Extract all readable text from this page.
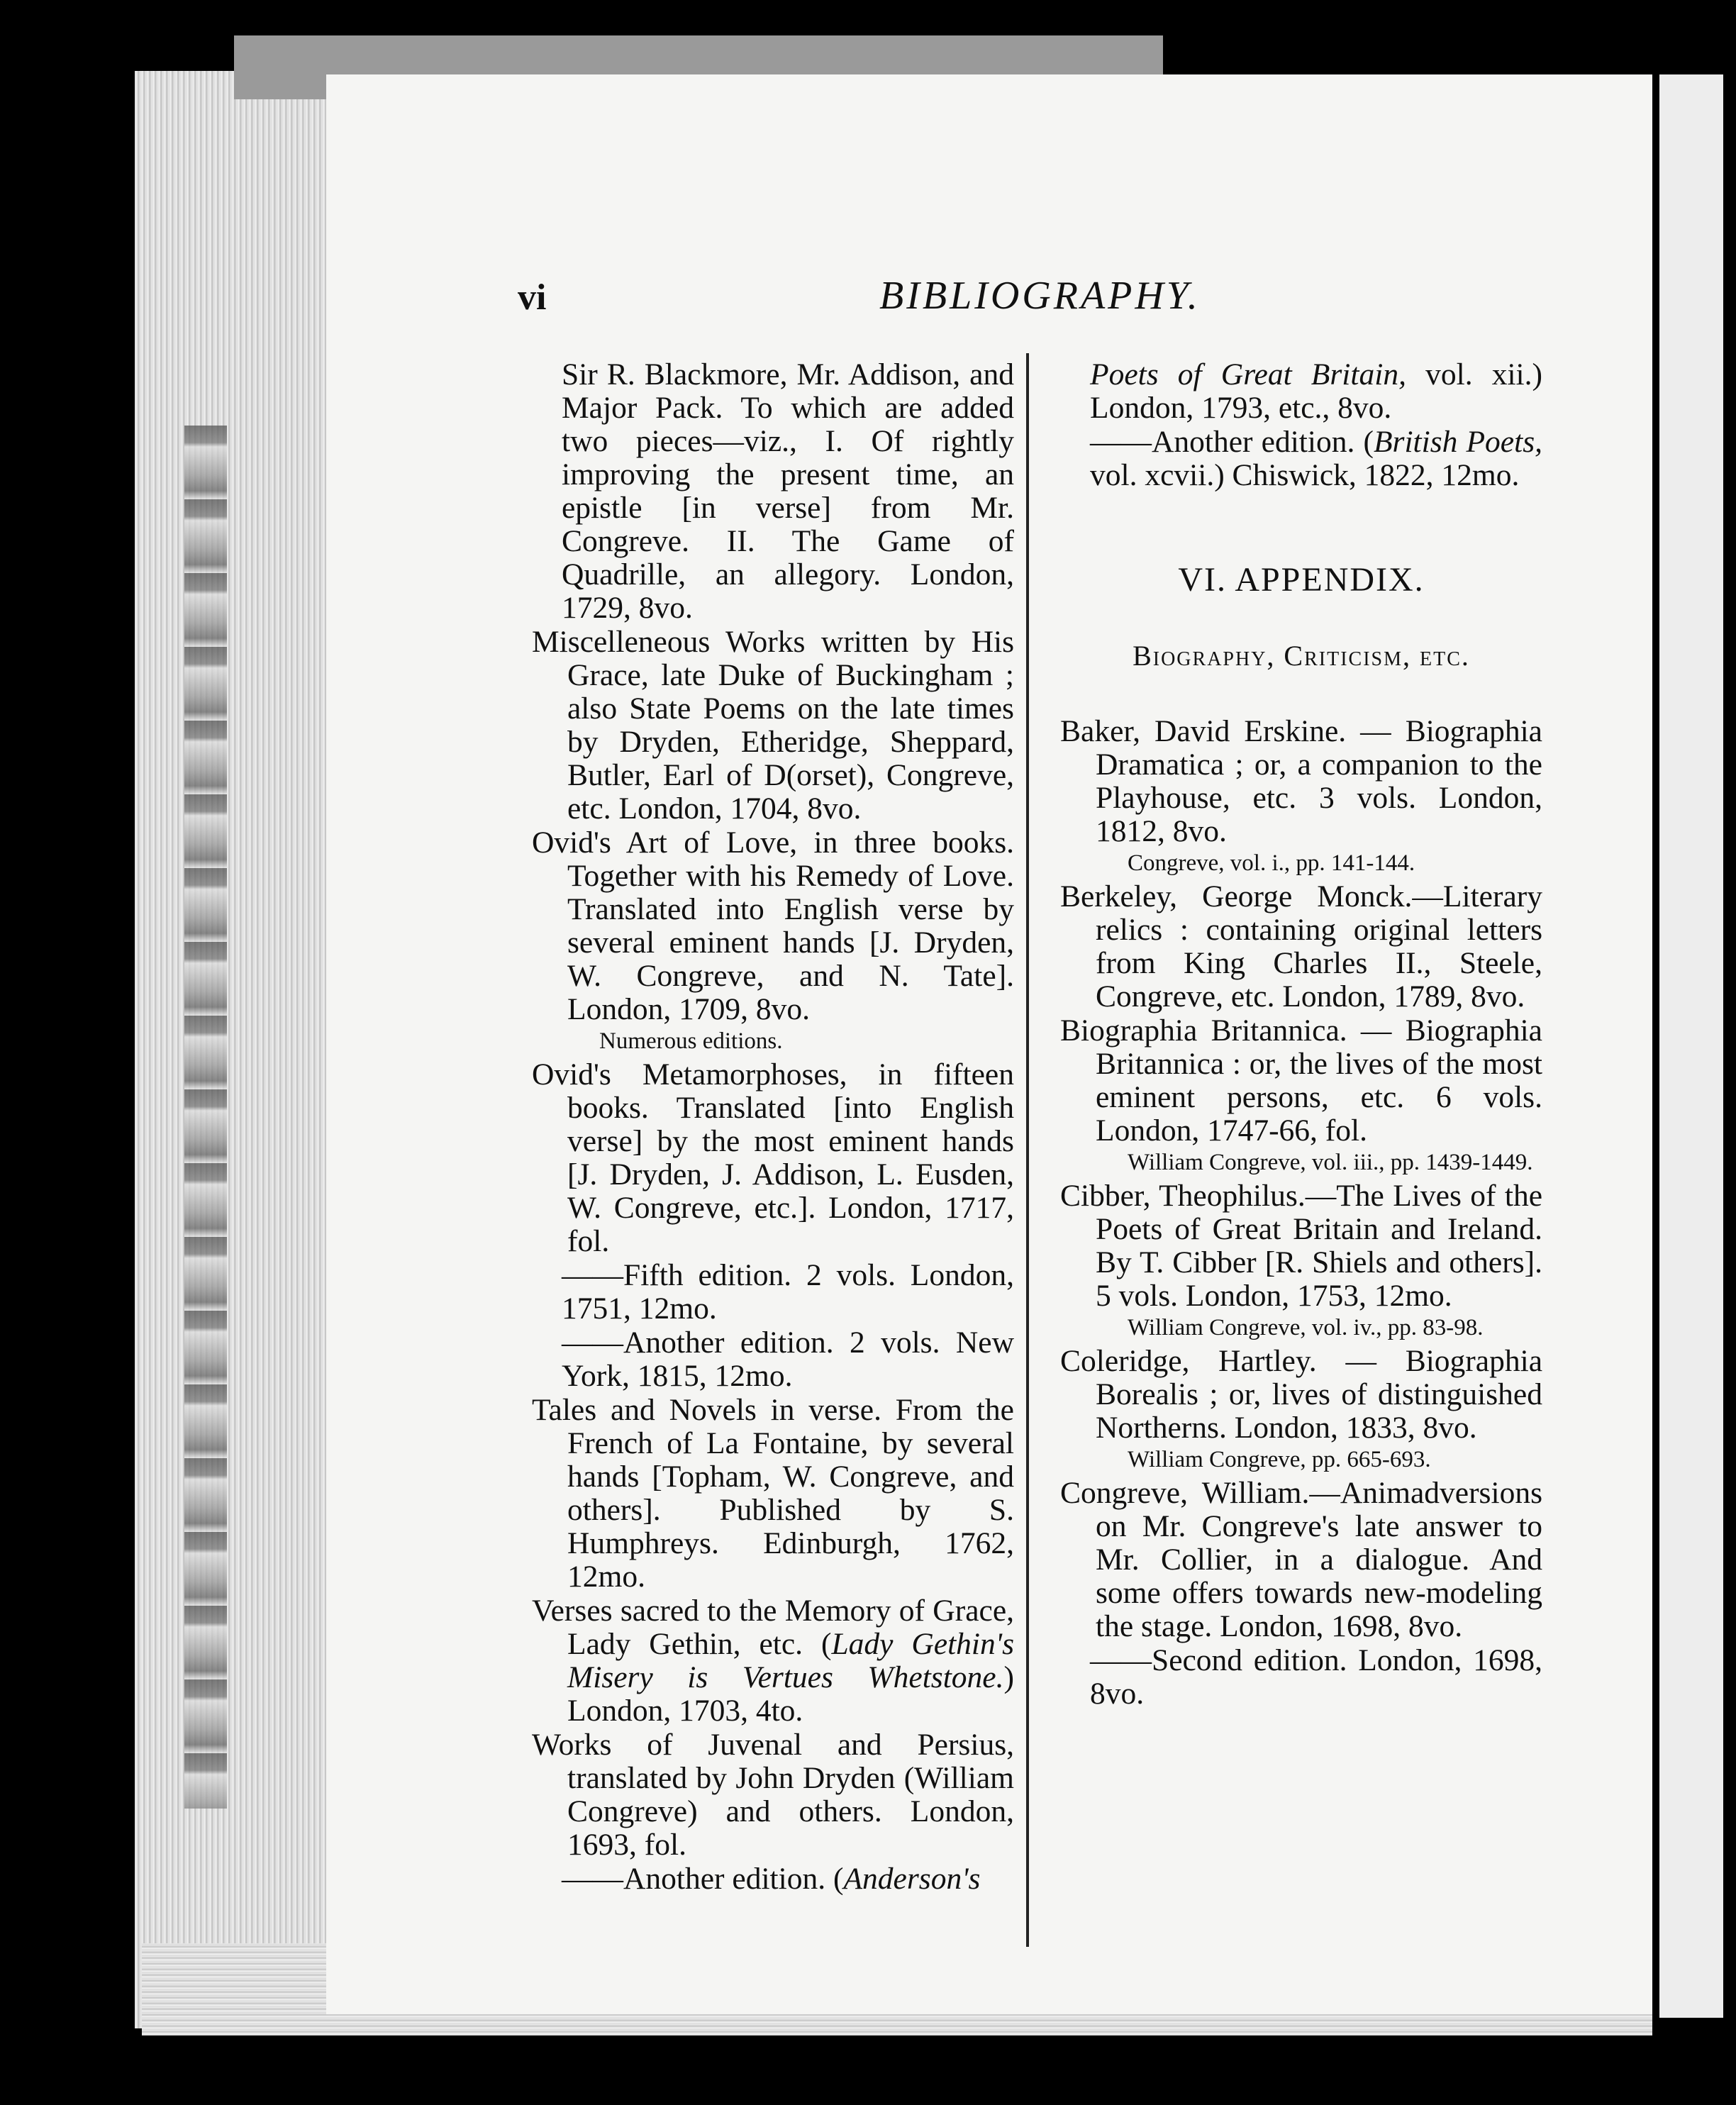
vi	BIBLIOGRAPHY.
Sir R. Blackmore, Mr. Addison, and Major Pack. To which are added two pieces—viz., I. Of rightly improving the present time, an epistle [in verse] from Mr. Congreve. II. The Game of Quadrille, an allegory. London, 1729, 8vo.
Miscelleneous Works written by His Grace, late Duke of Buckingham ; also State Poems on the late times by Dryden, Etheridge, Sheppard, Butler, Earl of D(orset), Congreve, etc. London, 1704, 8vo.
Ovid's Art of Love, in three books. Together with his Remedy of Love. Translated into English verse by several eminent hands [J. Dryden, W. Congreve, and N. Tate]. London, 1709, 8vo.
Numerous editions.
Ovid's Metamorphoses, in fifteen books. Translated [into English verse] by the most eminent hands [J. Dryden, J. Addison, L. Eusden, W. Congreve, etc.]. London, 1717, fol.
——Fifth edition. 2 vols. London, 1751, 12mo.
——Another edition. 2 vols. New York, 1815, 12mo.
Tales and Novels in verse. From the French of La Fontaine, by several hands [Topham, W. Congreve, and others]. Published by S. Humphreys. Edinburgh, 1762, 12mo.
Verses sacred to the Memory of Grace, Lady Gethin, etc. (Lady Gethin's Misery is Vertues Whetstone.) London, 1703, 4to.
Works of Juvenal and Persius, translated by John Dryden (William Congreve) and others. London, 1693, fol.
——Another edition. (Anderson's
Poets of Great Britain, vol. xii.) London, 1793, etc., 8vo.
——Another edition. (British Poets, vol. xcvii.) Chiswick, 1822, 12mo.
VI. APPENDIX.
Biography, Criticism, etc.
Baker, David Erskine. — Biographia Dramatica ; or, a companion to the Playhouse, etc. 3 vols. London, 1812, 8vo.
Congreve, vol. i., pp. 141-144.
Berkeley, George Monck.—Literary relics : containing original letters from King Charles II., Steele, Congreve, etc. London, 1789, 8vo.
Biographia Britannica. — Biographia Britannica : or, the lives of the most eminent persons, etc. 6 vols. London, 1747-66, fol.
William Congreve, vol. iii., pp. 1439-1449.
Cibber, Theophilus.—The Lives of the Poets of Great Britain and Ireland. By T. Cibber [R. Shiels and others]. 5 vols. London, 1753, 12mo.
William Congreve, vol. iv., pp. 83-98.
Coleridge, Hartley. — Biographia Borealis ; or, lives of distinguished Northerns. London, 1833, 8vo.
William Congreve, pp. 665-693.
Congreve, William.—Animadversions on Mr. Congreve's late answer to Mr. Collier, in a dialogue. And some offers towards new-modeling the stage. London, 1698, 8vo.
——Second edition. London, 1698, 8vo.
